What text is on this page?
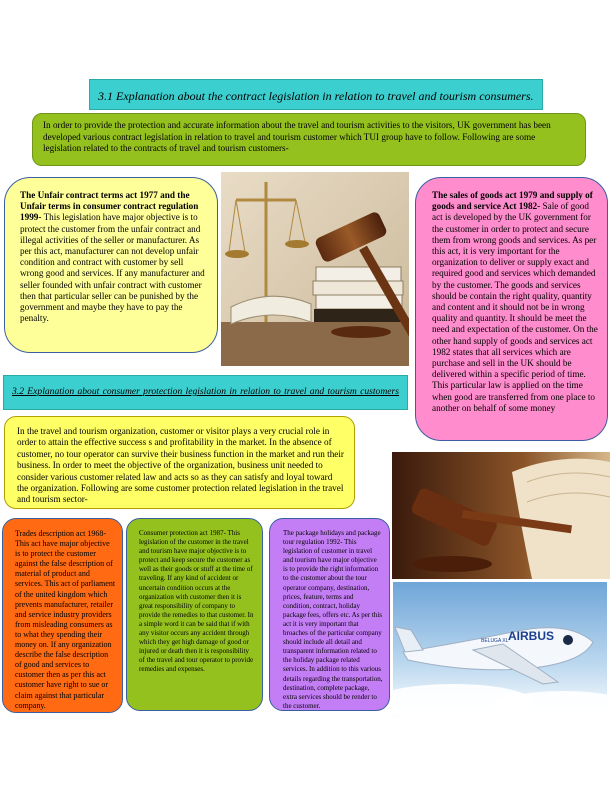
3.1 Explanation about the contract legislation in relation to travel and tourism consumers.
In order to provide the protection and accurate information about the travel and tourism activities to the visitors, UK government has been developed various contract legislation in relation to travel and tourism customer which TUI group have to follow. Following are some legislation related to the contracts of travel and tourism customers-
The Unfair contract terms act 1977 and the Unfair terms in consumer contract regulation 1999- This legislation have major objective is to protect the customer from the unfair contract and illegal activities of the seller or manufacturer. As per this act, manufacturer can not develop unfair condition and contract with customer by sell wrong good and services. If any manufacturer and seller founded with unfair contract with customer then that particular seller can be punished by the government and maybe they have to pay the penalty.
The sales of goods act 1979 and supply of goods and service Act 1982- Sale of good act is developed by the UK government for the customer in order to protect and secure them from wrong goods and services. As per this act, it is very important for the organization to deliver or supply exact and required good and services which demanded by the customer. The goods and services should be contain the right quality, quantity and content and it should not be in wrong quality and quantity. It should be meet the need and expectation of the customer. On the other hand supply of goods and services act 1982 states that all services which are purchase and sell in the UK should be delivered within a specific period of time. This particular law is applied on the time when good are transferred from one place to another on behalf of some money
3.2 Explanation about consumer protection legislation in relation to travel and tourism customers
In the travel and tourism organization, customer or visitor plays a very crucial role in order to attain the effective success s and profitability in the market. In the absence of customer, no tour operator can survive their business function in the market and run their business. In order to meet the objective of the organization, business unit needed to consider various customer related law and acts so as they can satisfy and loyal toward the organization. Following are some customer protection related legislation in the travel and tourism sector-
Trades description act 1968- This act have major objective is to protect the customer against the false description of material of product and services. This act of parliament of the united kingdom which prevents manufacturer, retailer and service industry providers from misleading consumers as to what they spending their money on. If any organization describe the false description of good and services to customer then as per this act customer have right to sue or claim against that particular company.
Consumer protection act 1987- This legislation of the customer in the travel and tourism have major objective is to protect and keep secure the customer as well as their goods or stuff at the time of traveling. If any kind of accident or uncertain condition occurs at the organization with customer then it is great responsibility of company to provide the remedies to that customer. In a simple word it can be said that if with any visitor occurs any accident through which they get high damage of good or injured or death then it is responsibility of the travel and tour operator to provide remedies and expenses.
The package holidays and package tour regulation 1992- This legislation of customer in travel and tourism have major objective is to provide the right information to the customer about the tour operator company, destination, prices, feature, terms and condition, contract, holiday package fees, offers etc. As per this act it is very important that broaches of the particular company should include all detail and transparent information related to the holiday package related services. In addition to this various details regarding the transportation, destination, complete package, extra services should be render to the customer.
AIRBUS
BELUGA XL
